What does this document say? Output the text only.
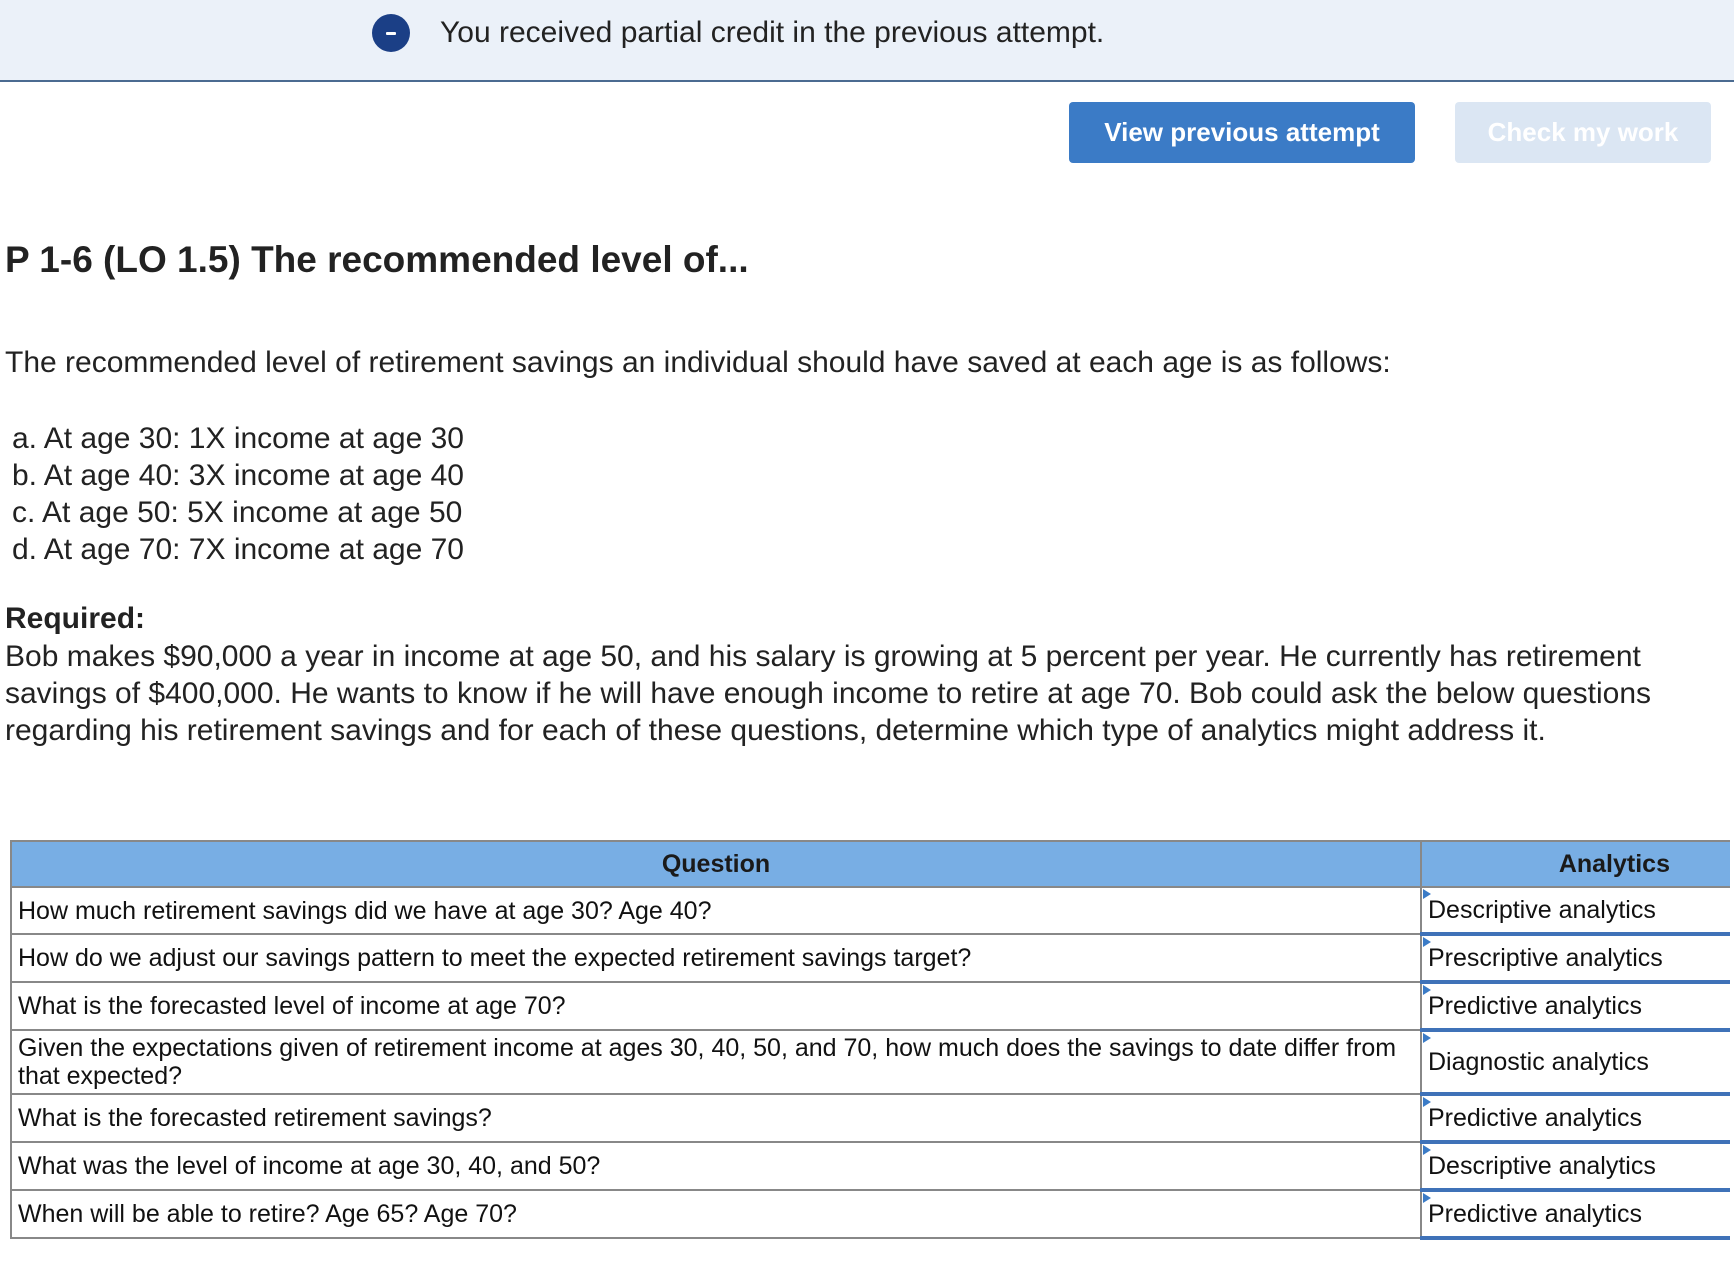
You received partial credit in the previous attempt.
View previous attempt	Check my work
P 1-6 (LO 1.5) The recommended level of...
The recommended level of retirement savings an individual should have saved at each age is as follows:
a. At age 30: 1X income at age 30
b. At age 40: 3X income at age 40
c. At age 50: 5X income at age 50
d. At age 70: 7X income at age 70
Required:
Bob makes $90,000 a year in income at age 50, and his salary is growing at 5 percent per year. He currently has retirement savings of $400,000. He wants to know if he will have enough income to retire at age 70. Bob could ask the below questions regarding his retirement savings and for each of these questions, determine which type of analytics might address it.
Question	Analytics
How much retirement savings did we have at age 30? Age 40?	Descriptive analytics
How do we adjust our savings pattern to meet the expected retirement savings target?	Prescriptive analytics
What is the forecasted level of income at age 70?	Predictive analytics
Given the expectations given of retirement income at ages 30, 40, 50, and 70, how much does the savings to date differ from that expected?	Diagnostic analytics
What is the forecasted retirement savings?	Predictive analytics
What was the level of income at age 30, 40, and 50?	Descriptive analytics
When will be able to retire? Age 65? Age 70?	Predictive analytics
